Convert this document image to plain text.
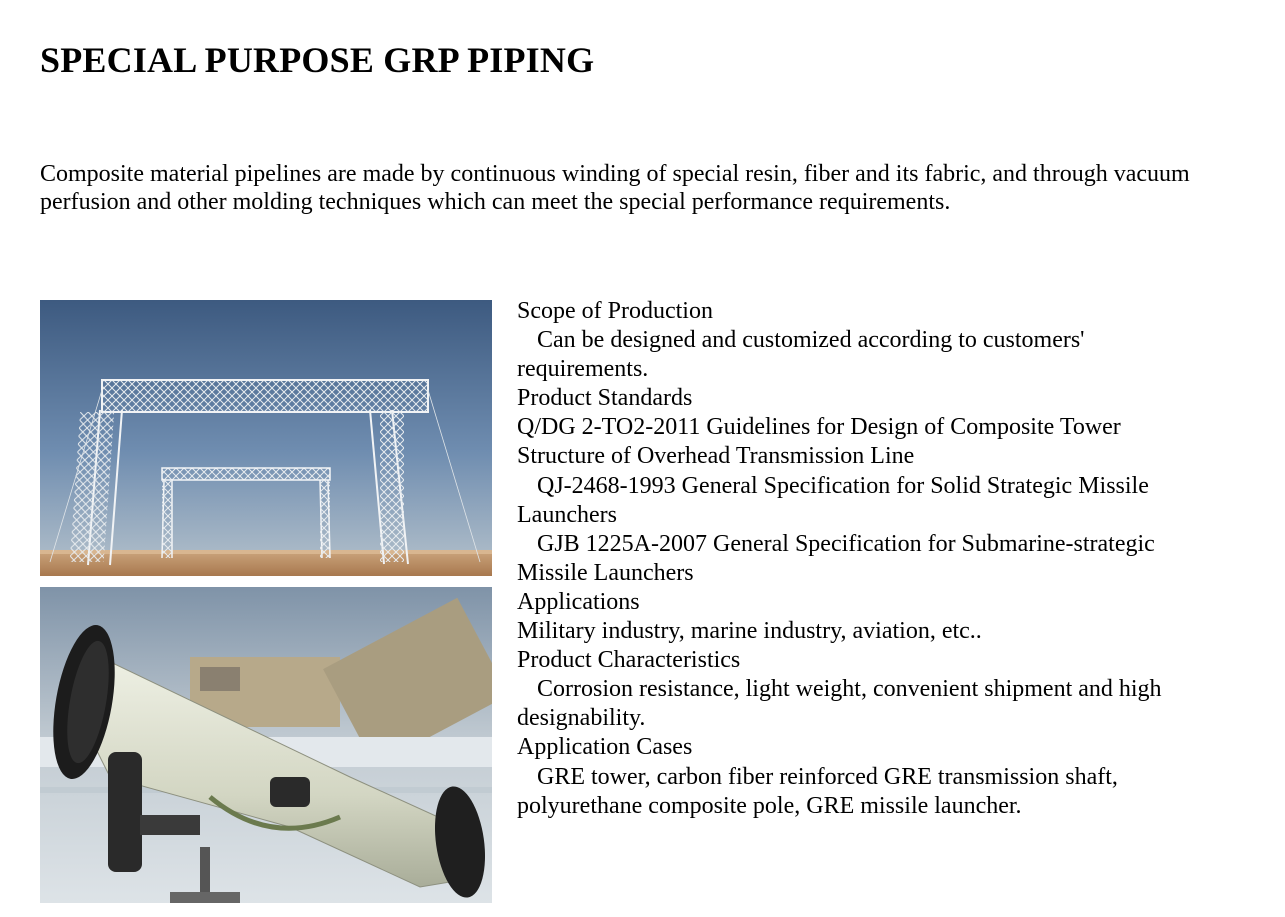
SPECIAL PURPOSE GRP PIPING

Composite material pipelines are made by continuous winding of special resin, fiber and its fabric, and through vacuum perfusion and other molding techniques which can meet the special performance requirements.

Scope of Production

Can be designed and customized according to customers' requirements.

Product Standards

Q/DG 2-TO2-2011 Guidelines for Design of Composite Tower Structure of Overhead Transmission Line

QJ-2468-1993 General Specification for Solid Strategic Missile Launchers

GJB 1225A-2007 General Specification for Submarine-strategic Missile Launchers

Applications

Military industry, marine industry, aviation, etc..

Product Characteristics

Corrosion resistance, light weight, convenient shipment and high designability.

Application Cases

GRE tower, carbon fiber reinforced GRE transmission shaft, polyurethane composite pole, GRE missile launcher.
